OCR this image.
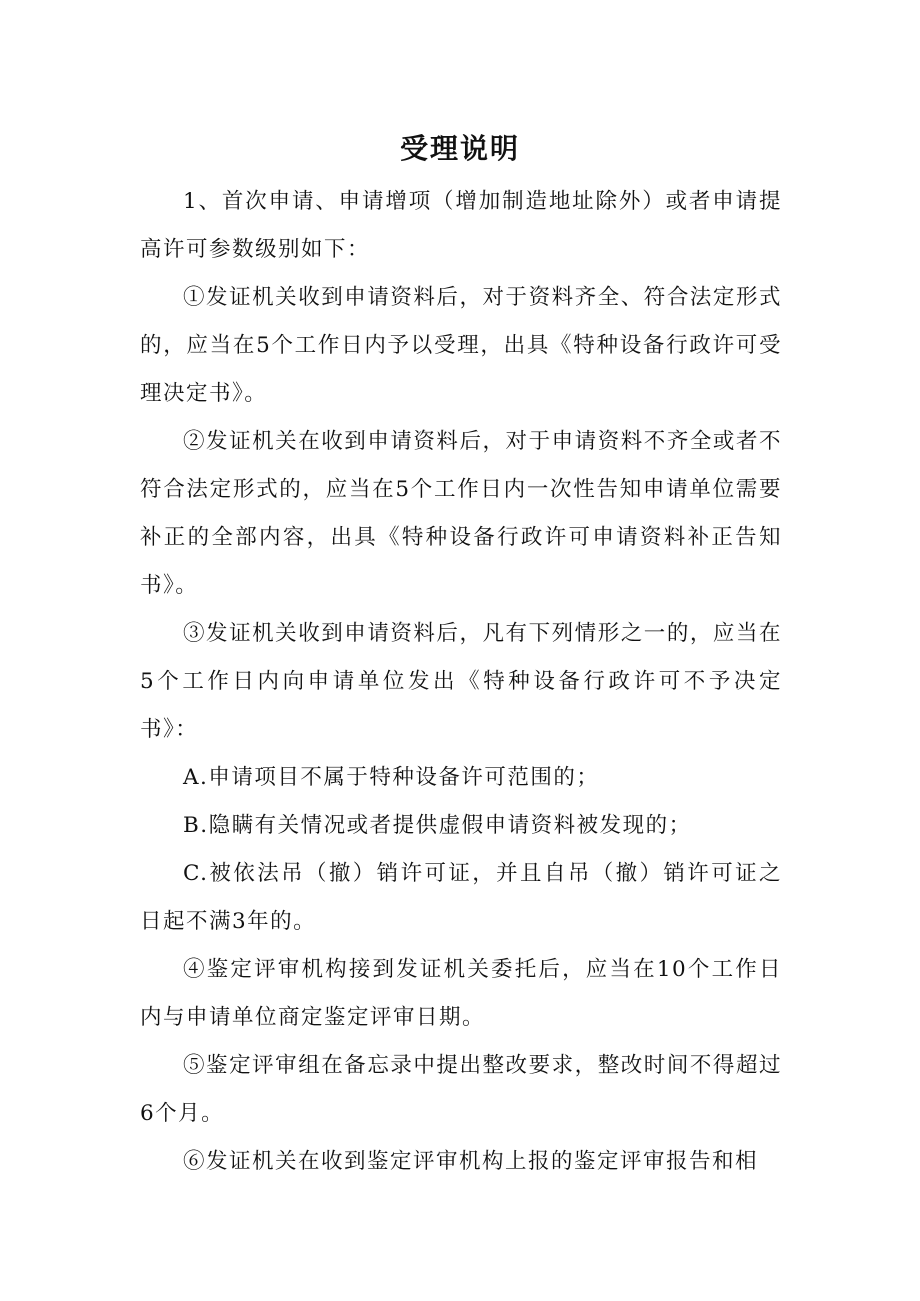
受理说明

1、首次申请、申请增项（增加制造地址除外）或者申请提高许可参数级别如下：

①发证机关收到申请资料后，对于资料齐全、符合法定形式的，应当在5个工作日内予以受理，出具《特种设备行政许可受理决定书》。

②发证机关在收到申请资料后，对于申请资料不齐全或者不符合法定形式的，应当在5个工作日内一次性告知申请单位需要补正的全部内容，出具《特种设备行政许可申请资料补正告知书》。

③发证机关收到申请资料后，凡有下列情形之一的，应当在5个工作日内向申请单位发出《特种设备行政许可不予决定书》：

A.申请项目不属于特种设备许可范围的；

B.隐瞒有关情况或者提供虚假申请资料被发现的；

C.被依法吊（撤）销许可证，并且自吊（撤）销许可证之日起不满3年的。

④鉴定评审机构接到发证机关委托后，应当在10个工作日内与申请单位商定鉴定评审日期。

⑤鉴定评审组在备忘录中提出整改要求，整改时间不得超过6个月。

⑥发证机关在收到鉴定评审机构上报的鉴定评审报告和相
